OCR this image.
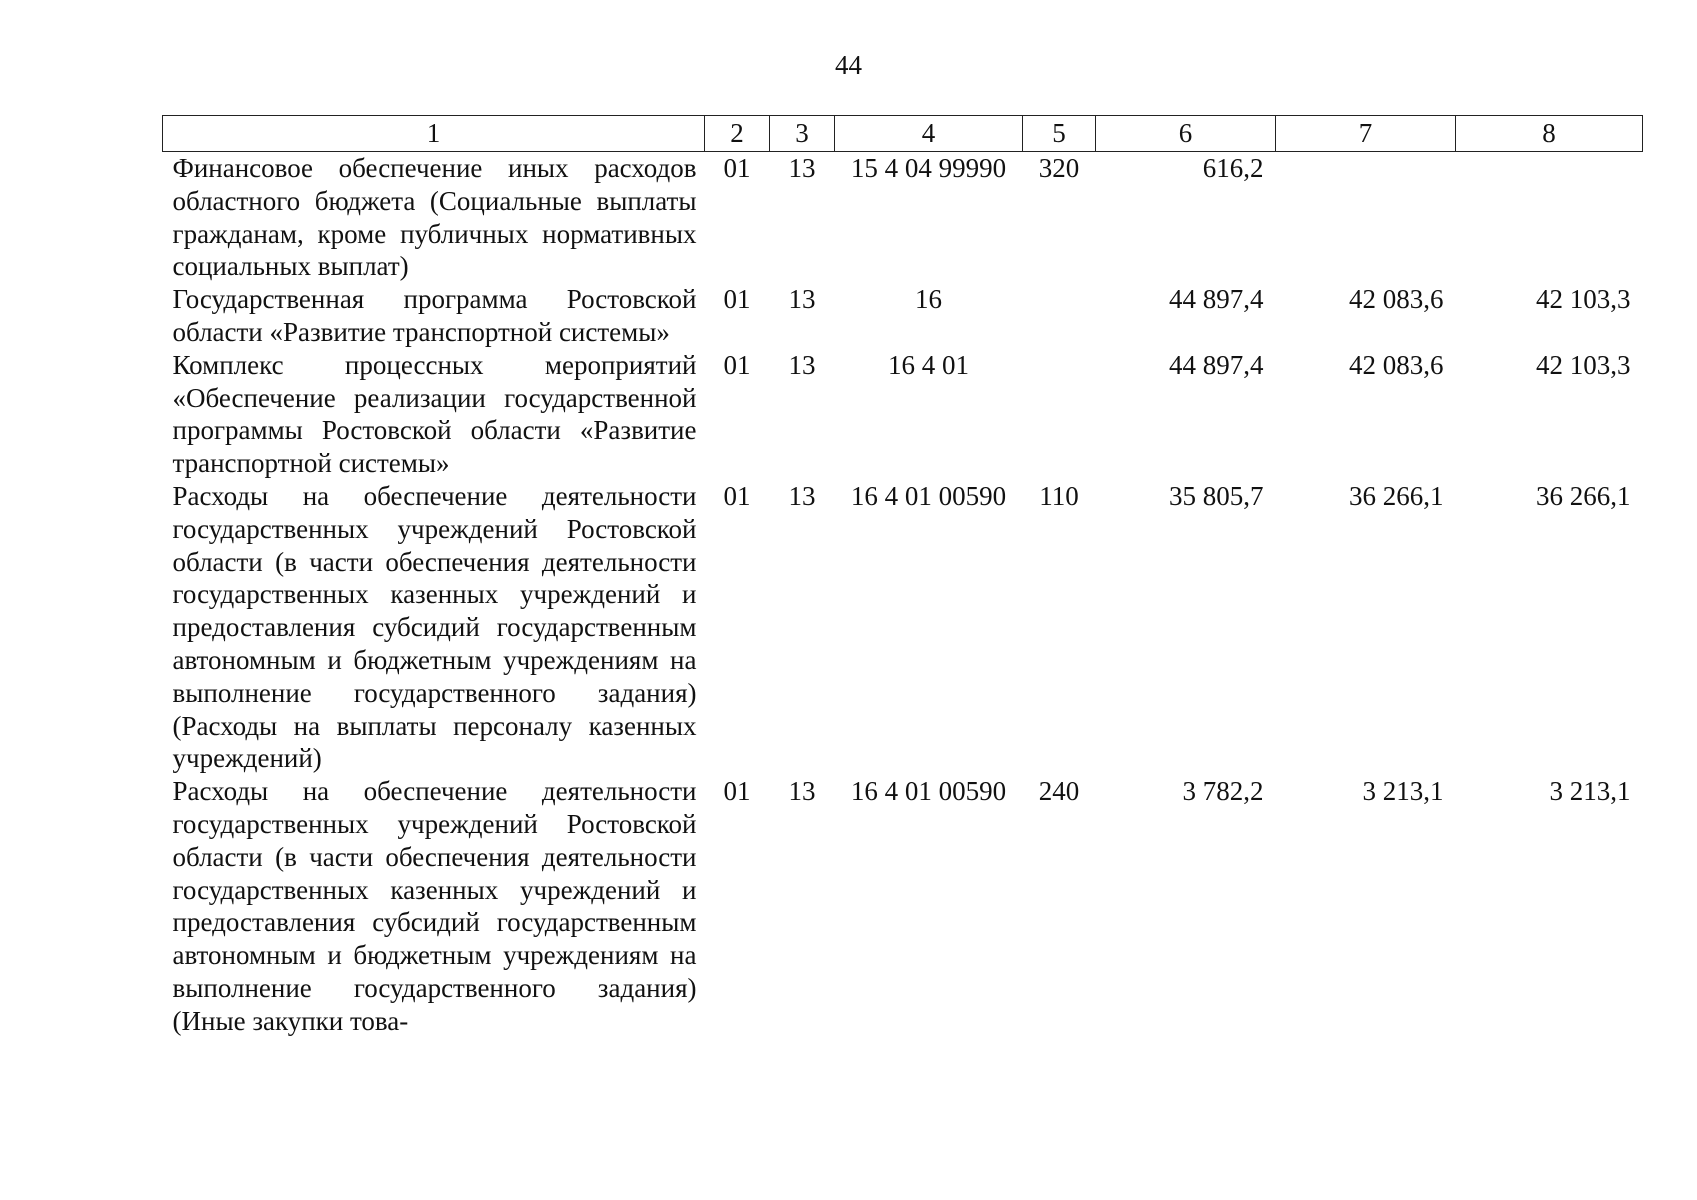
44
1	2	3	4	5	6	7	8
Финансовое обеспечение иных расходов областного бюджета (Социальные выплаты гражданам, кроме публичных нормативных социальных выплат)	01	13	15 4 04 99990	320	616,2		
Государственная программа Ростовской области «Развитие транспортной системы»	01	13	16		44 897,4	42 083,6	42 103,3
Комплекс процессных мероприятий «Обеспечение реализации государственной программы Ростовской области «Развитие транспортной системы»	01	13	16 4 01		44 897,4	42 083,6	42 103,3
Расходы на обеспечение деятельности государственных учреждений Ростовской области (в части обеспечения деятельности государственных казенных учреждений и предоставления субсидий государственным автономным и бюджетным учреждениям на выполнение государственного задания) (Расходы на выплаты персоналу казенных учреждений)	01	13	16 4 01 00590	110	35 805,7	36 266,1	36 266,1
Расходы на обеспечение деятельности государственных учреждений Ростовской области (в части обеспечения деятельности государственных казенных учреждений и предоставления субсидий государственным автономным и бюджетным учреждениям на выполнение государственного задания) (Иные закупки това-	01	13	16 4 01 00590	240	3 782,2	3 213,1	3 213,1
